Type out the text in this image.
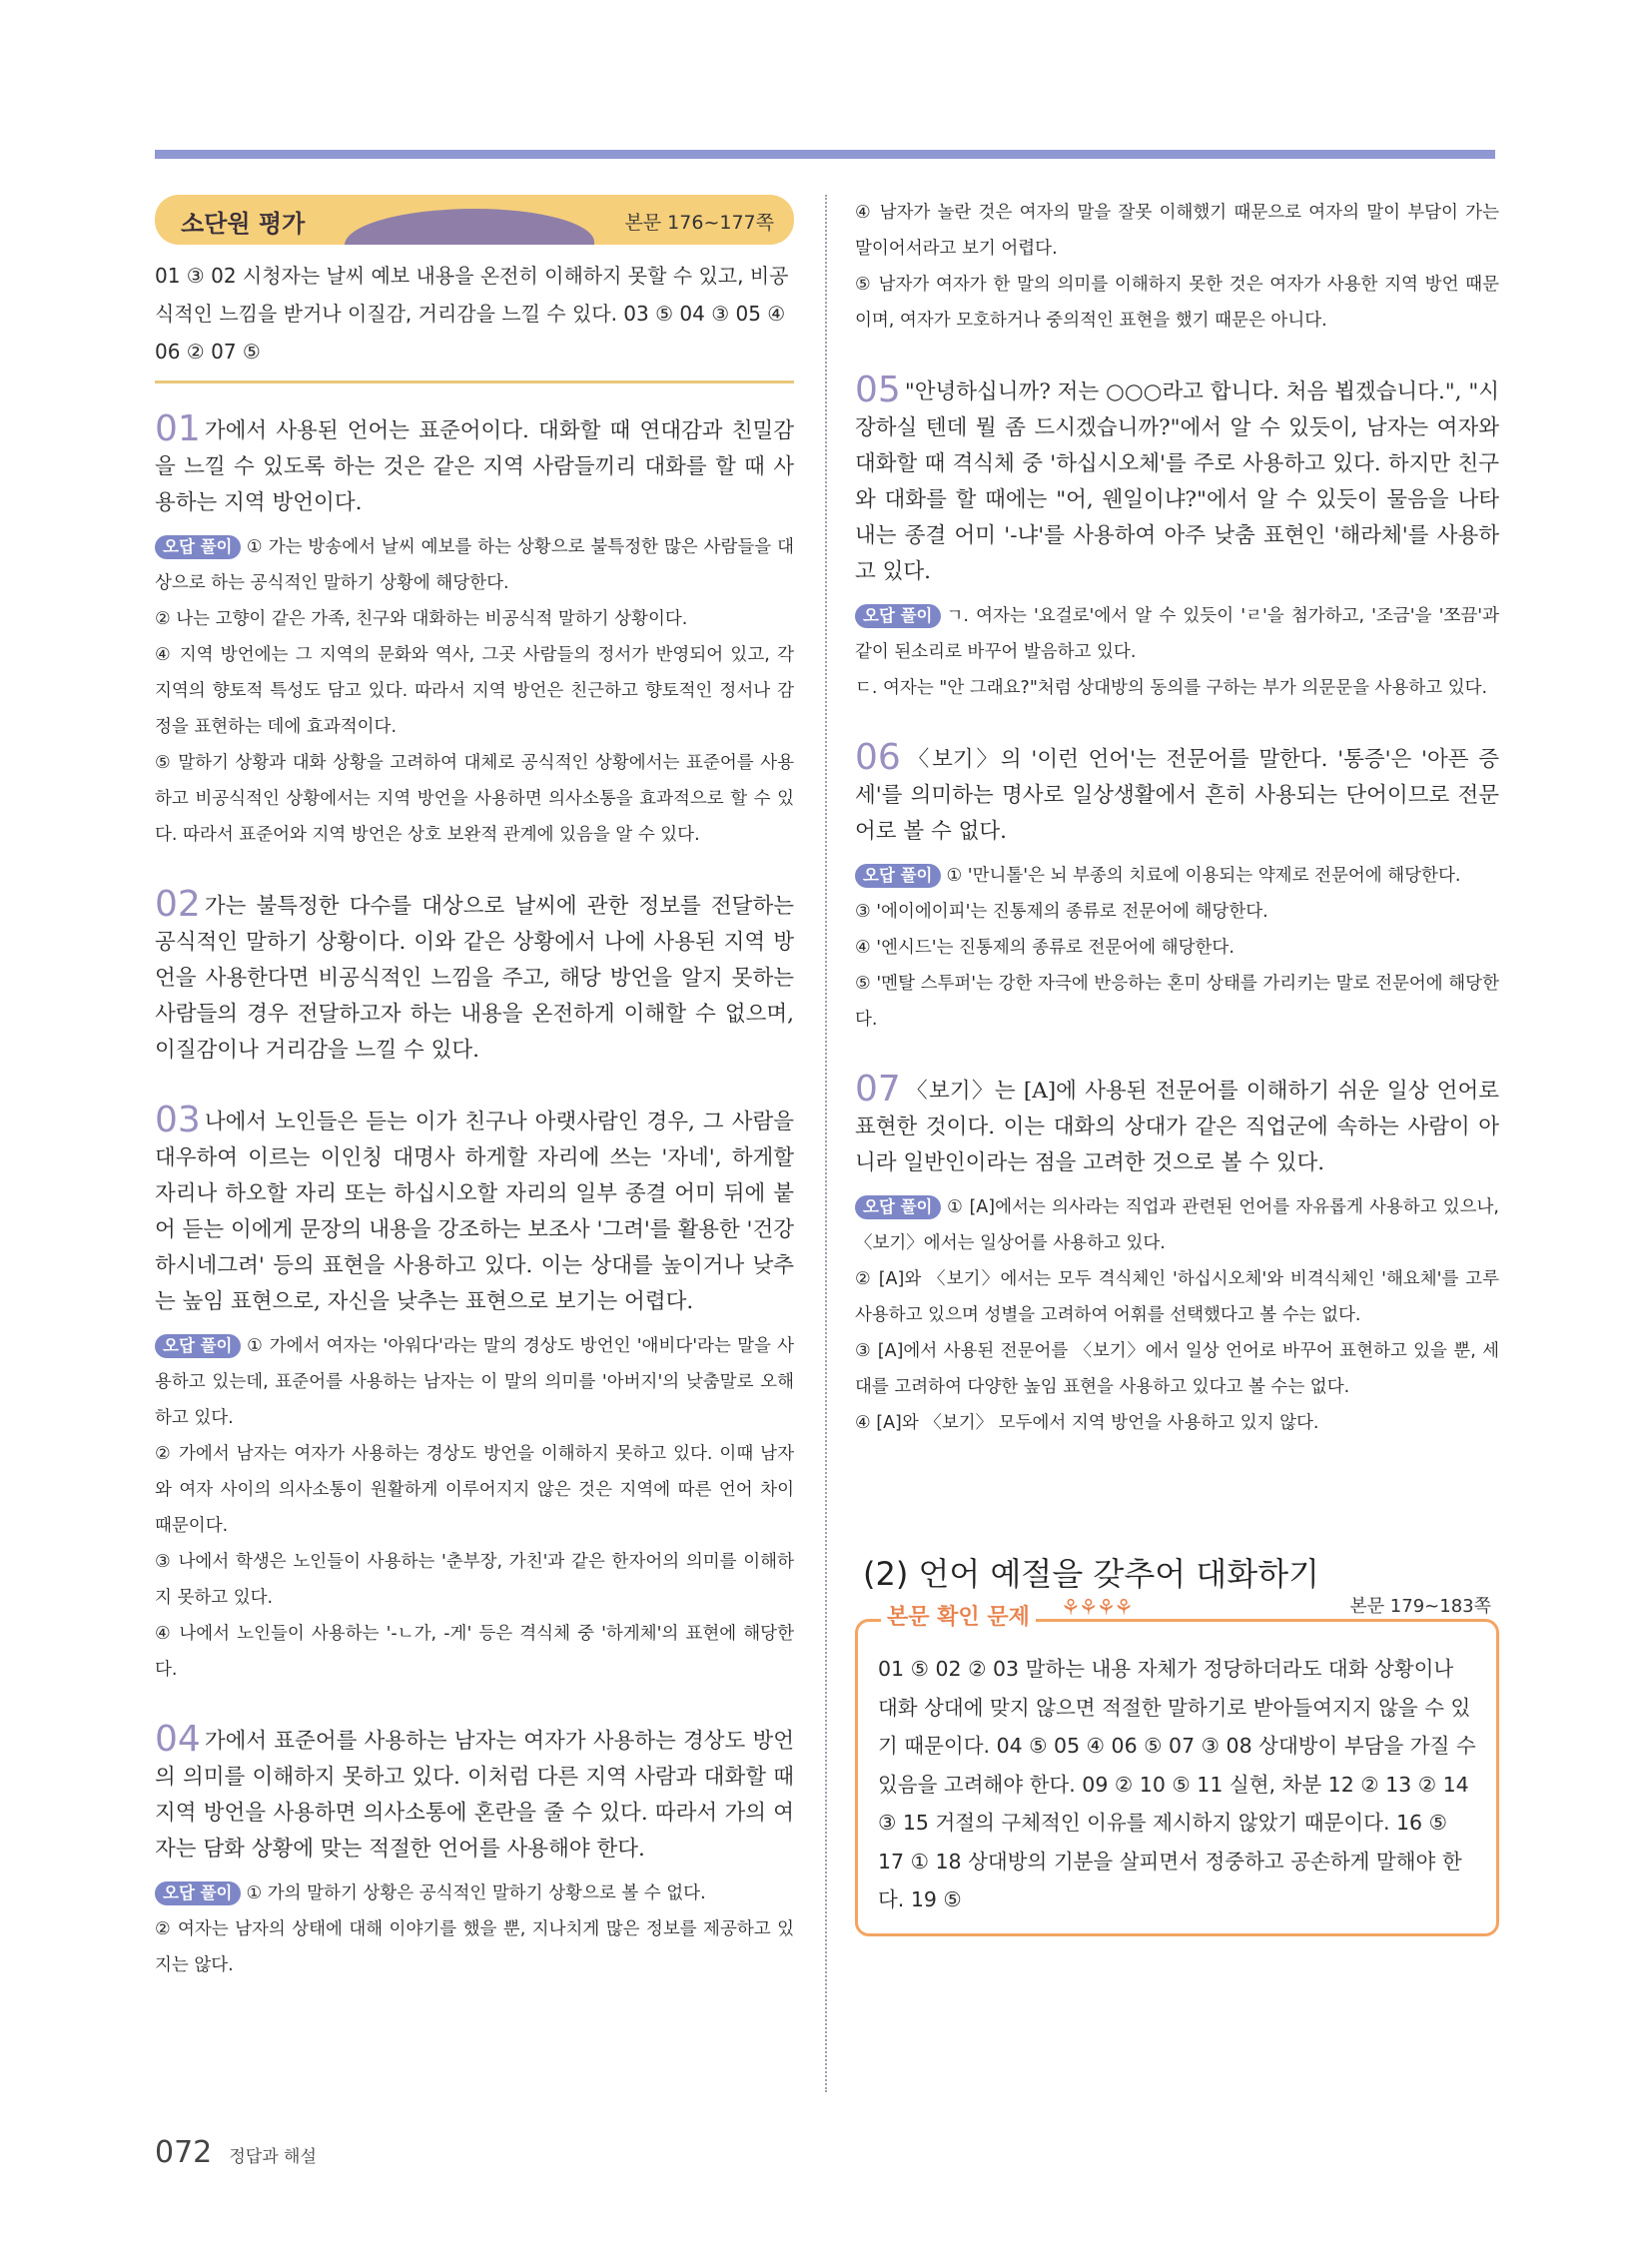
소단원 평가	본문 176~177쪽
01 ③ 02 시청자는 날씨 예보 내용을 온전히 이해하지 못할 수 있고, 비공식적인 느낌을 받거나 이질감, 거리감을 느낄 수 있다. 03 ⑤ 04 ③ 05 ④ 06 ② 07 ⑤

01 가에서 사용된 언어는 표준어이다. 대화할 때 연대감과 친밀감을 느낄 수 있도록 하는 것은 같은 지역 사람들끼리 대화를 할 때 사용하는 지역 방언이다.

오답 풀이 ① 가는 방송에서 날씨 예보를 하는 상황으로 불특정한 많은 사람들을 대상으로 하는 공식적인 말하기 상황에 해당한다.

② 나는 고향이 같은 가족, 친구와 대화하는 비공식적 말하기 상황이다.

④ 지역 방언에는 그 지역의 문화와 역사, 그곳 사람들의 정서가 반영되어 있고, 각 지역의 향토적 특성도 담고 있다. 따라서 지역 방언은 친근하고 향토적인 정서나 감정을 표현하는 데에 효과적이다.

⑤ 말하기 상황과 대화 상황을 고려하여 대체로 공식적인 상황에서는 표준어를 사용하고 비공식적인 상황에서는 지역 방언을 사용하면 의사소통을 효과적으로 할 수 있다. 따라서 표준어와 지역 방언은 상호 보완적 관계에 있음을 알 수 있다.

02 가는 불특정한 다수를 대상으로 날씨에 관한 정보를 전달하는 공식적인 말하기 상황이다. 이와 같은 상황에서 나에 사용된 지역 방언을 사용한다면 비공식적인 느낌을 주고, 해당 방언을 알지 못하는 사람들의 경우 전달하고자 하는 내용을 온전하게 이해할 수 없으며, 이질감이나 거리감을 느낄 수 있다.

03 나에서 노인들은 듣는 이가 친구나 아랫사람인 경우, 그 사람을 대우하여 이르는 이인칭 대명사 하게할 자리에 쓰는 '자네', 하게할 자리나 하오할 자리 또는 하십시오할 자리의 일부 종결 어미 뒤에 붙어 듣는 이에게 문장의 내용을 강조하는 보조사 '그려'를 활용한 '건강하시네그려' 등의 표현을 사용하고 있다. 이는 상대를 높이거나 낮추는 높임 표현으로, 자신을 낮추는 표현으로 보기는 어렵다.

오답 풀이 ① 가에서 여자는 '아워다'라는 말의 경상도 방언인 '애비다'라는 말을 사용하고 있는데, 표준어를 사용하는 남자는 이 말의 의미를 '아버지'의 낮춤말로 오해하고 있다.

② 가에서 남자는 여자가 사용하는 경상도 방언을 이해하지 못하고 있다. 이때 남자와 여자 사이의 의사소통이 원활하게 이루어지지 않은 것은 지역에 따른 언어 차이 때문이다.

③ 나에서 학생은 노인들이 사용하는 '춘부장, 가친'과 같은 한자어의 의미를 이해하지 못하고 있다.

④ 나에서 노인들이 사용하는 '-ㄴ가, -게' 등은 격식체 중 '하게체'의 표현에 해당한다.

04 가에서 표준어를 사용하는 남자는 여자가 사용하는 경상도 방언의 의미를 이해하지 못하고 있다. 이처럼 다른 지역 사람과 대화할 때 지역 방언을 사용하면 의사소통에 혼란을 줄 수 있다. 따라서 가의 여자는 담화 상황에 맞는 적절한 언어를 사용해야 한다.

오답 풀이 ① 가의 말하기 상황은 공식적인 말하기 상황으로 볼 수 없다.

② 여자는 남자의 상태에 대해 이야기를 했을 뿐, 지나치게 많은 정보를 제공하고 있지는 않다.

④ 남자가 놀란 것은 여자의 말을 잘못 이해했기 때문으로 여자의 말이 부담이 가는 말이어서라고 보기 어렵다.

⑤ 남자가 여자가 한 말의 의미를 이해하지 못한 것은 여자가 사용한 지역 방언 때문이며, 여자가 모호하거나 중의적인 표현을 했기 때문은 아니다.

05 "안녕하십니까? 저는 ○○○라고 합니다. 처음 뵙겠습니다.", "시장하실 텐데 뭘 좀 드시겠습니까?"에서 알 수 있듯이, 남자는 여자와 대화할 때 격식체 중 '하십시오체'를 주로 사용하고 있다. 하지만 친구와 대화를 할 때에는 "어, 웬일이냐?"에서 알 수 있듯이 물음을 나타내는 종결 어미 '-냐'를 사용하여 아주 낮춤 표현인 '해라체'를 사용하고 있다.

오답 풀이 ㄱ. 여자는 '요걸로'에서 알 수 있듯이 'ㄹ'을 첨가하고, '조금'을 '쪼끔'과 같이 된소리로 바꾸어 발음하고 있다.

ㄷ. 여자는 "안 그래요?"처럼 상대방의 동의를 구하는 부가 의문문을 사용하고 있다.

06 〈보기〉의 '이런 언어'는 전문어를 말한다. '통증'은 '아픈 증세'를 의미하는 명사로 일상생활에서 흔히 사용되는 단어이므로 전문어로 볼 수 없다.

오답 풀이 ① '만니톨'은 뇌 부종의 치료에 이용되는 약제로 전문어에 해당한다.

③ '에이에이피'는 진통제의 종류로 전문어에 해당한다.

④ '엔시드'는 진통제의 종류로 전문어에 해당한다.

⑤ '멘탈 스투퍼'는 강한 자극에 반응하는 혼미 상태를 가리키는 말로 전문어에 해당한다.

07 〈보기〉는 [A]에 사용된 전문어를 이해하기 쉬운 일상 언어로 표현한 것이다. 이는 대화의 상대가 같은 직업군에 속하는 사람이 아니라 일반인이라는 점을 고려한 것으로 볼 수 있다.

오답 풀이 ① [A]에서는 의사라는 직업과 관련된 언어를 자유롭게 사용하고 있으나, 〈보기〉에서는 일상어를 사용하고 있다.

② [A]와 〈보기〉에서는 모두 격식체인 '하십시오체'와 비격식체인 '해요체'를 고루 사용하고 있으며 성별을 고려하여 어휘를 선택했다고 볼 수는 없다.

③ [A]에서 사용된 전문어를 〈보기〉에서 일상 언어로 바꾸어 표현하고 있을 뿐, 세대를 고려하여 다양한 높임 표현을 사용하고 있다고 볼 수는 없다.

④ [A]와 〈보기〉 모두에서 지역 방언을 사용하고 있지 않다.

(2) 언어 예절을 갖추어 대화하기
본문 확인 문제 ⚘⚘⚘⚘	본문 179~183쪽
01 ⑤ 02 ② 03 말하는 내용 자체가 정당하더라도 대화 상황이나 대화 상대에 맞지 않으면 적절한 말하기로 받아들여지지 않을 수 있기 때문이다. 04 ⑤ 05 ④ 06 ⑤ 07 ③ 08 상대방이 부담을 가질 수 있음을 고려해야 한다. 09 ② 10 ⑤ 11 실현, 차분 12 ② 13 ② 14 ③ 15 거절의 구체적인 이유를 제시하지 않았기 때문이다. 16 ⑤ 17 ① 18 상대방의 기분을 살피면서 정중하고 공손하게 말해야 한다. 19 ⑤
072 정답과 해설
